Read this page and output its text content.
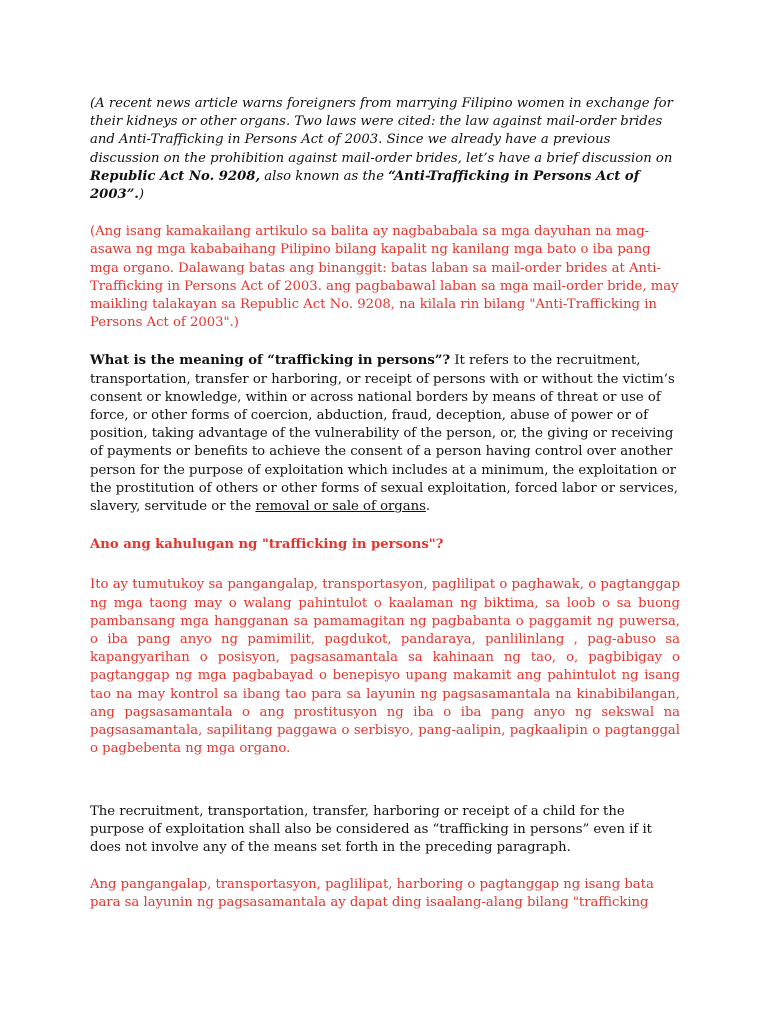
(A recent news article warns foreigners from marrying Filipino women in exchange for their kidneys or other organs. Two laws were cited: the law against mail-order brides and Anti-Trafficking in Persons Act of 2003. Since we already have a previous discussion on the prohibition against mail-order brides, let’s have a brief discussion on Republic Act No. 9208, also known as the “Anti-Trafficking in Persons Act of 2003”.)

(Ang isang kamakailang artikulo sa balita ay nagbababala sa mga dayuhan na mag-asawa ng mga kababaihang Pilipino bilang kapalit ng kanilang mga bato o iba pang mga organo. Dalawang batas ang binanggit: batas laban sa mail-order brides at Anti-Trafficking in Persons Act of 2003. ang pagbabawal laban sa mga mail-order bride, may maikling talakayan sa Republic Act No. 9208, na kilala rin bilang "Anti-Trafficking in Persons Act of 2003".)

What is the meaning of “trafficking in persons”? It refers to the recruitment, transportation, transfer or harboring, or receipt of persons with or without the victim’s consent or knowledge, within or across national borders by means of threat or use of force, or other forms of coercion, abduction, fraud, deception, abuse of power or of position, taking advantage of the vulnerability of the person, or, the giving or receiving of payments or benefits to achieve the consent of a person having control over another person for the purpose of exploitation which includes at a minimum, the exploitation or the prostitution of others or other forms of sexual exploitation, forced labor or services, slavery, servitude or the removal or sale of organs.

Ano ang kahulugan ng "trafficking in persons"?

Ito ay tumutukoy sa pangangalap, transportasyon, paglilipat o paghawak, o pagtanggap ng mga taong may o walang pahintulot o kaalaman ng biktima, sa loob o sa buong pambansang mga hangganan sa pamamagitan ng pagbabanta o paggamit ng puwersa, o iba pang anyo ng pamimilit, pagdukot, pandaraya, panlilinlang , pag-abuso sa kapangyarihan o posisyon, pagsasamantala sa kahinaan ng tao, o, pagbibigay o pagtanggap ng mga pagbabayad o benepisyo upang makamit ang pahintulot ng isang tao na may kontrol sa ibang tao para sa layunin ng pagsasamantala na kinabibilangan, ang pagsasamantala o ang prostitusyon ng iba o iba pang anyo ng sekswal na pagsasamantala, sapilitang paggawa o serbisyo, pang-aalipin, pagkaalipin o pagtanggal o pagbebenta ng mga organo.

The recruitment, transportation, transfer, harboring or receipt of a child for the purpose of exploitation shall also be considered as “trafficking in persons” even if it does not involve any of the means set forth in the preceding paragraph.

Ang pangangalap, transportasyon, paglilipat, harboring o pagtanggap ng isang bata para sa layunin ng pagsasamantala ay dapat ding isaalang-alang bilang "trafficking
